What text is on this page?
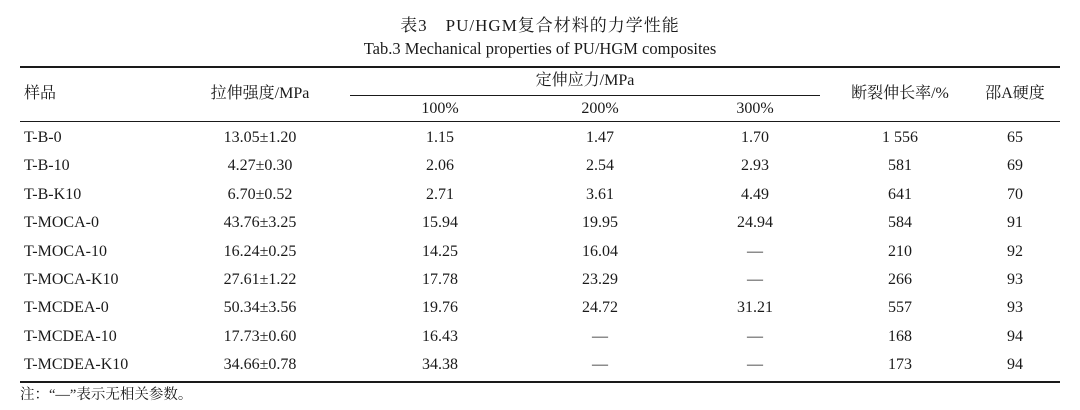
表3　PU/HGM复合材料的力学性能
Tab.3 Mechanical properties of PU/HGM composites
样品	拉伸强度/MPa
定伸应力/MPa
100%	200%	300%
断裂伸长率/%	邵A硬度
T-B-0	13.05±1.20	1.15	1.47	1.70	1 556	65
T-B-10	4.27±0.30	2.06	2.54	2.93	581	69
T-B-K10	6.70±0.52	2.71	3.61	4.49	641	70
T-MOCA-0	43.76±3.25	15.94	19.95	24.94	584	91
T-MOCA-10	16.24±0.25	14.25	16.04	—	210	92
T-MOCA-K10	27.61±1.22	17.78	23.29	—	266	93
T-MCDEA-0	50.34±3.56	19.76	24.72	31.21	557	93
T-MCDEA-10	17.73±0.60	16.43	—	—	168	94
T-MCDEA-K10	34.66±0.78	34.38	—	—	173	94
注：“—”表示无相关参数。
